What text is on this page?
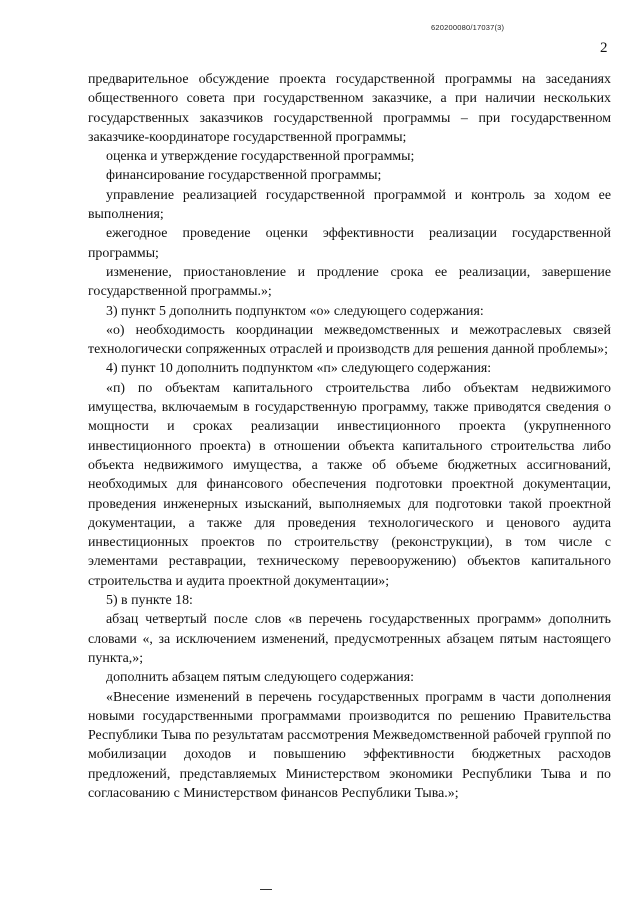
620200080/17037(3)
2

предварительное обсуждение проекта государственной программы на заседаниях общественного совета при государственном заказчике, а при наличии нескольких государственных заказчиков государственной программы – при государственном заказчике-координаторе государственной программы;

оценка и утверждение государственной программы;

финансирование государственной программы;

управление реализацией государственной программой и контроль за ходом ее выполнения;

ежегодное проведение оценки эффективности реализации государственной программы;

изменение, приостановление и продление срока ее реализации, завершение государственной программы.»;

3) пункт 5 дополнить подпунктом «о» следующего содержания:

«о) необходимость координации межведомственных и межотраслевых связей технологически сопряженных отраслей и производств для решения данной проблемы»;

4) пункт 10 дополнить подпунктом «п» следующего содержания:

«п) по объектам капитального строительства либо объектам недвижимого имущества, включаемым в государственную программу, также приводятся сведения о мощности и сроках реализации инвестиционного проекта (укрупненного инвестиционного проекта) в отношении объекта капитального строительства либо объекта недвижимого имущества, а также об объеме бюджетных ассигнований, необходимых для финансового обеспечения подготовки проектной документации, проведения инженерных изысканий, выполняемых для подготовки такой проектной документации, а также для проведения технологического и ценового аудита инвестиционных проектов по строительству (реконструкции), в том числе с элементами реставрации, техническому перевооружению) объектов капитального строительства и аудита проектной документации»;

5) в пункте 18:

абзац четвертый после слов «в перечень государственных программ» дополнить словами «, за исключением изменений, предусмотренных абзацем пятым настоящего пункта,»;

дополнить абзацем пятым следующего содержания:

«Внесение изменений в перечень государственных программ в части дополнения новыми государственными программами производится по решению Правительства Республики Тыва по результатам рассмотрения Межведомственной рабочей группой по мобилизации доходов и повышению эффективности бюджетных расходов предложений, представляемых Министерством экономики Республики Тыва и по согласованию с Министерством финансов Республики Тыва.»;
